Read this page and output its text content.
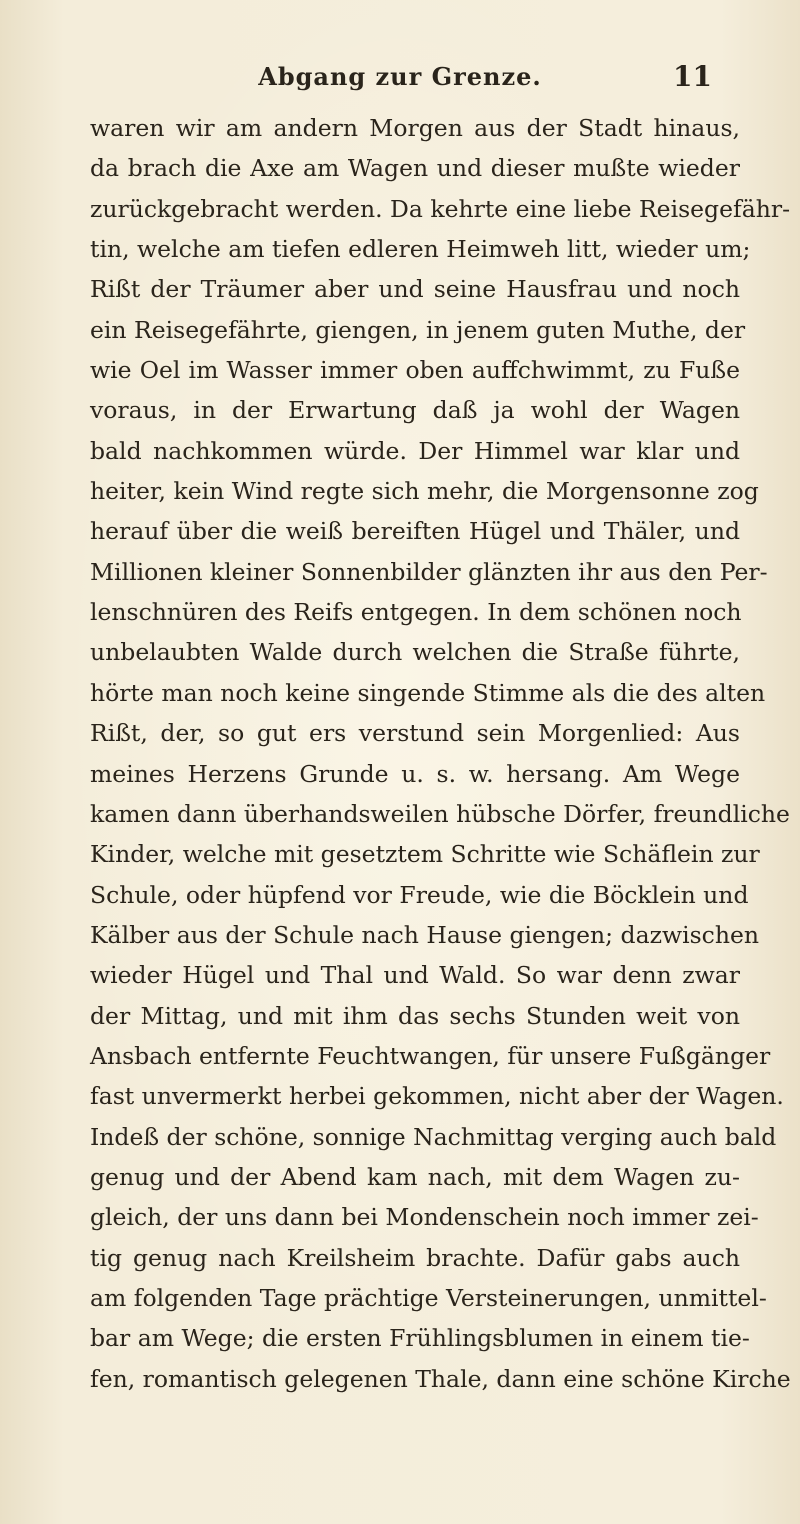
Abgang zur Grenze.	11
waren wir am andern Morgen aus der Stadt hinaus,
da brach die Axe am Wagen und dieser mußte wieder
zurückgebracht werden. Da kehrte eine liebe Reisegefähr-
tin, welche am tiefen edleren Heimweh litt, wieder um;
Rißt der Träumer aber und seine Hausfrau und noch
ein Reisegefährte, giengen, in jenem guten Muthe, der
wie Oel im Wasser immer oben auffchwimmt, zu Fuße
voraus, in der Erwartung daß ja wohl der Wagen
bald nachkommen würde. Der Himmel war klar und
heiter, kein Wind regte sich mehr, die Morgensonne zog
herauf über die weiß bereiften Hügel und Thäler, und
Millionen kleiner Sonnenbilder glänzten ihr aus den Per-
lenschnüren des Reifs entgegen. In dem schönen noch
unbelaubten Walde durch welchen die Straße führte,
hörte man noch keine singende Stimme als die des alten
Rißt, der, so gut ers verstund sein Morgenlied: Aus
meines Herzens Grunde u. s. w. hersang. Am Wege
kamen dann überhandsweilen hübsche Dörfer, freundliche
Kinder, welche mit gesetztem Schritte wie Schäflein zur
Schule, oder hüpfend vor Freude, wie die Böcklein und
Kälber aus der Schule nach Hause giengen; dazwischen
wieder Hügel und Thal und Wald. So war denn zwar
der Mittag, und mit ihm das sechs Stunden weit von
Ansbach entfernte Feuchtwangen, für unsere Fußgänger
fast unvermerkt herbei gekommen, nicht aber der Wagen.
Indeß der schöne, sonnige Nachmittag verging auch bald
genug und der Abend kam nach, mit dem Wagen zu-
gleich, der uns dann bei Mondenschein noch immer zei-
tig genug nach Kreilsheim brachte. Dafür gabs auch
am folgenden Tage prächtige Versteinerungen, unmittel-
bar am Wege; die ersten Frühlingsblumen in einem tie-
fen, romantisch gelegenen Thale, dann eine schöne Kirche
